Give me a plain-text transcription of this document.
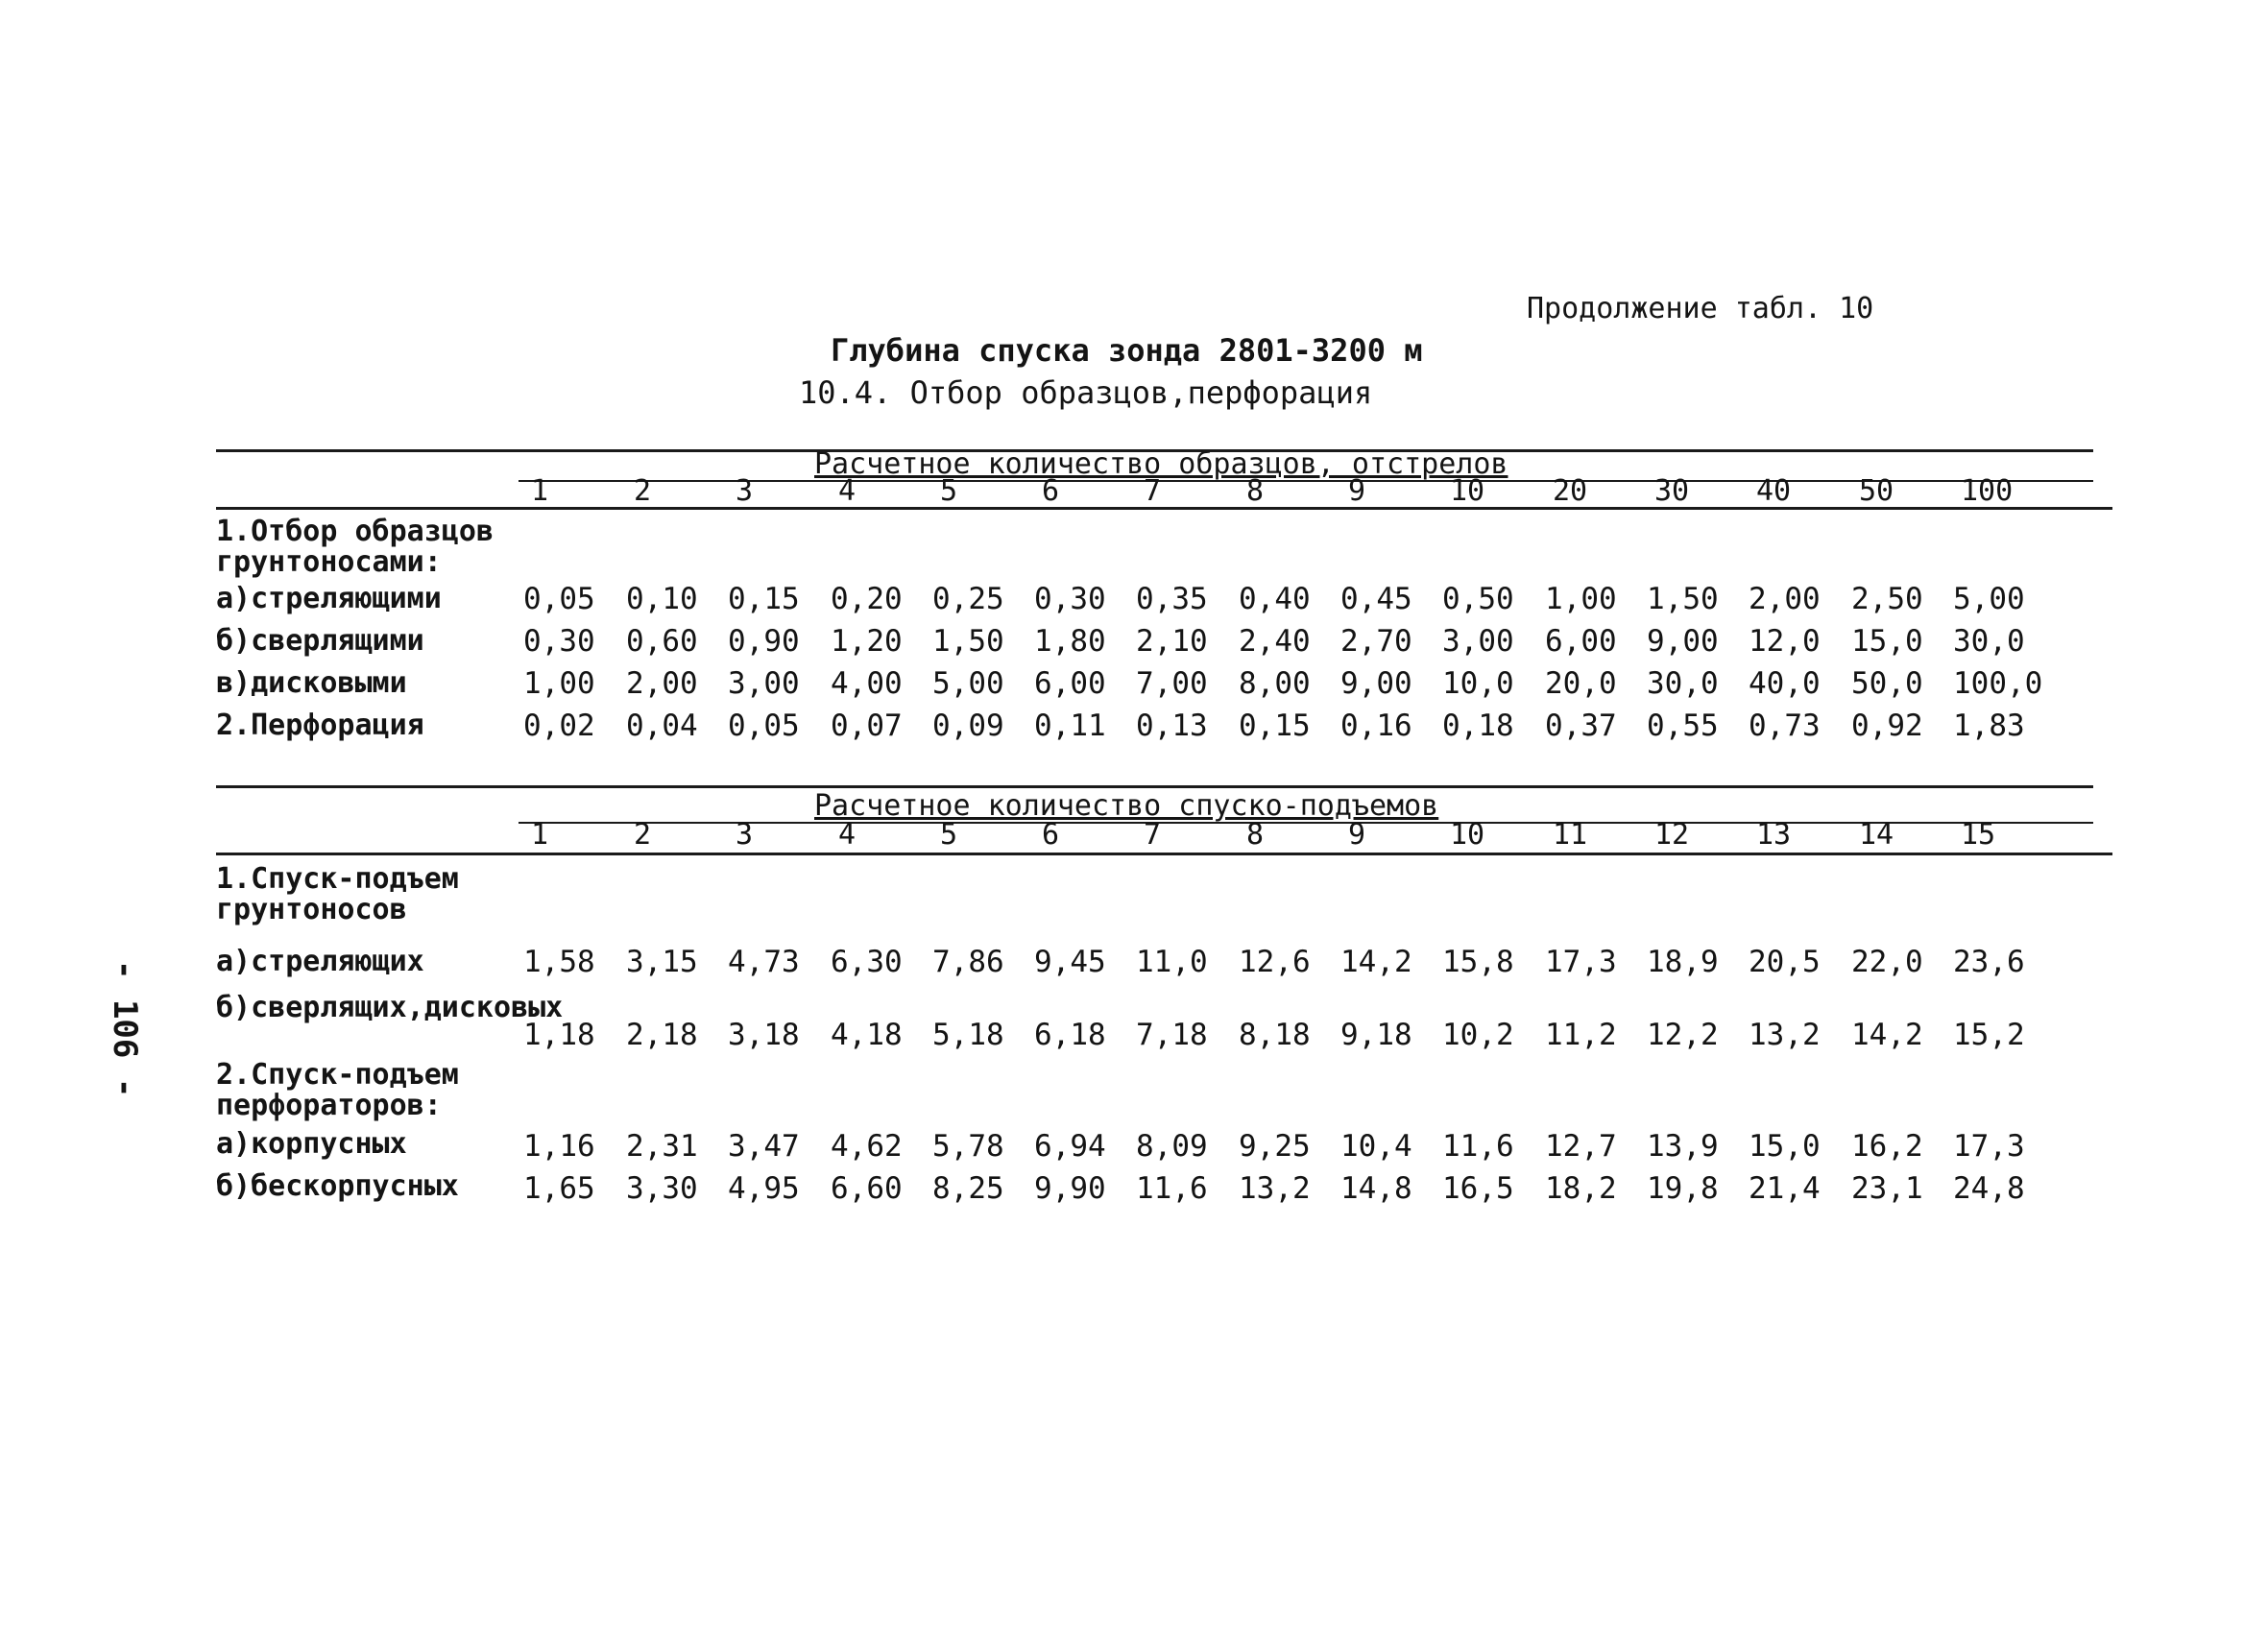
Продолжение табл. 10
Глубина спуска зонда 2801-3200 м
10.4. Отбор образцов,перфорация
- 106 -
Расчетное количество образцов, отстрелов
1	2	3	4	5	6	7	8	9	10 20 30 40 50 100
1.Отбор образцов грунтоносами:
а)стреляющими	0,05 0,10 0,15 0,20 0,25 0,30 0,35 0,40 0,45 0,50 1,00 1,50 2,00 2,50 5,00
б)сверлящими	0,30 0,60 0,90 1,20 1,50 1,80 2,10 2,40 2,70 3,00 6,00 9,00 12,0 15,0 30,0
в)дисковыми	1,00 2,00 3,00 4,00 5,00 6,00 7,00 8,00 9,00 10,0 20,0 30,0 40,0 50,0 100,0
2.Перфорация	0,02 0,04 0,05 0,07 0,09 0,11 0,13 0,15 0,16 0,18 0,37 0,55 0,73 0,92 1,83
Расчетное количество спуско-подъемов
1	2	3	4	5	6	7	8	9	10 11 12 13 14 15
1.Спуск-подъем грунтоносов
а)стреляющих	1,58 3,15 4,73 6,30 7,86 9,45 11,0 12,6 14,2 15,8 17,3 18,9 20,5 22,0 23,6
б)сверлящих,дисковых
1,18 2,18 3,18 4,18 5,18 6,18 7,18 8,18 9,18 10,2 11,2 12,2 13,2 14,2 15,2
2.Спуск-подъем перфораторов:
а)корпусных	1,16 2,31 3,47 4,62 5,78 6,94 8,09 9,25 10,4 11,6 12,7 13,9 15,0 16,2 17,3
б)бескорпусных	1,65 3,30 4,95 6,60 8,25 9,90 11,6 13,2 14,8 16,5 18,2 19,8 21,4 23,1 24,8
